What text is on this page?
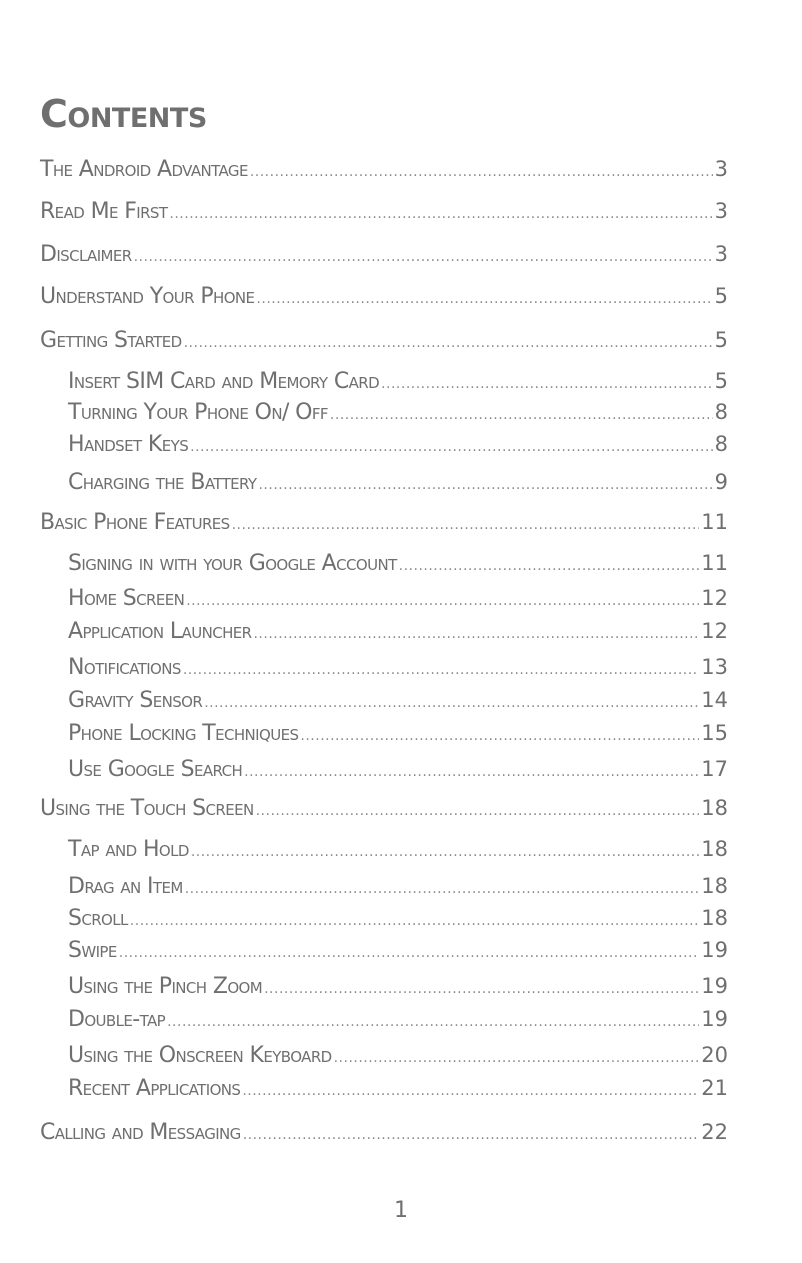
Contents
The Android Advantage .....	3
Read Me First .....	3
Disclaimer .....	3
Understand Your Phone .....	5
Getting Started .....	5
Insert SIM Card and Memory Card .....	5
Turning Your Phone On/ Off .....	8
Handset Keys .....	8
Charging the Battery .....	9
Basic Phone Features .....	11
Signing in with your Google Account .....	11
Home Screen .....	12
Application Launcher .....	12
Notifications .....	13
Gravity Sensor .....	14
Phone Locking Techniques .....	15
Use Google Search .....	17
Using the Touch Screen .....	18
Tap and Hold .....	18
Drag an Item .....	18
Scroll .....	18
Swipe .....	19
Using the Pinch Zoom .....	19
Double-tap .....	19
Using the Onscreen Keyboard .....	20
Recent Applications .....	21
Calling and Messaging .....	22
1
